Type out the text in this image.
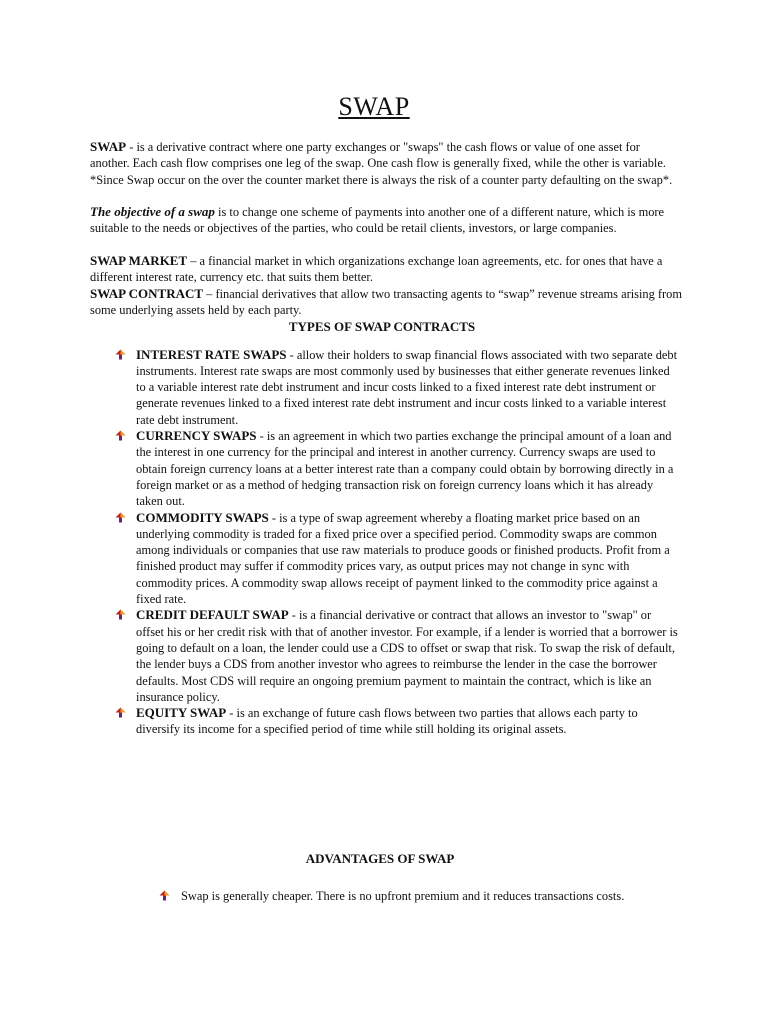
SWAP

SWAP - is a derivative contract where one party exchanges or "swaps" the cash flows or value of one asset for another. Each cash flow comprises one leg of the swap. One cash flow is generally fixed, while the other is variable.

*Since Swap occur on the over the counter market there is always the risk of a counter party defaulting on the swap*.

The objective of a swap is to change one scheme of payments into another one of a different nature, which is more suitable to the needs or objectives of the parties, who could be retail clients, investors, or large companies.

SWAP MARKET – a financial market in which organizations exchange loan agreements, etc. for ones that have a different interest rate, currency etc. that suits them better.

SWAP CONTRACT – financial derivatives that allow two transacting agents to “swap” revenue streams arising from some underlying assets held by each party.

TYPES OF SWAP CONTRACTS
INTEREST RATE SWAPS - allow their holders to swap financial flows associated with two separate debt instruments. Interest rate swaps are most commonly used by businesses that either generate revenues linked to a variable interest rate debt instrument and incur costs linked to a fixed interest rate debt instrument or generate revenues linked to a fixed interest rate debt instrument and incur costs linked to a variable interest rate debt instrument.
CURRENCY SWAPS - is an agreement in which two parties exchange the principal amount of a loan and the interest in one currency for the principal and interest in another currency. Currency swaps are used to obtain foreign currency loans at a better interest rate than a company could obtain by borrowing directly in a foreign market or as a method of hedging transaction risk on foreign currency loans which it has already taken out.
COMMODITY SWAPS - is a type of swap agreement whereby a floating market price based on an underlying commodity is traded for a fixed price over a specified period. Commodity swaps are common among individuals or companies that use raw materials to produce goods or finished products. Profit from a finished product may suffer if commodity prices vary, as output prices may not change in sync with commodity prices. A commodity swap allows receipt of payment linked to the commodity price against a fixed rate.
CREDIT DEFAULT SWAP - is a financial derivative or contract that allows an investor to "swap" or offset his or her credit risk with that of another investor. For example, if a lender is worried that a borrower is going to default on a loan, the lender could use a CDS to offset or swap that risk. To swap the risk of default, the lender buys a CDS from another investor who agrees to reimburse the lender in the case the borrower defaults. Most CDS will require an ongoing premium payment to maintain the contract, which is like an insurance policy.
EQUITY SWAP - is an exchange of future cash flows between two parties that allows each party to diversify its income for a specified period of time while still holding its original assets.
ADVANTAGES OF SWAP
Swap is generally cheaper. There is no upfront premium and it reduces transactions costs.
